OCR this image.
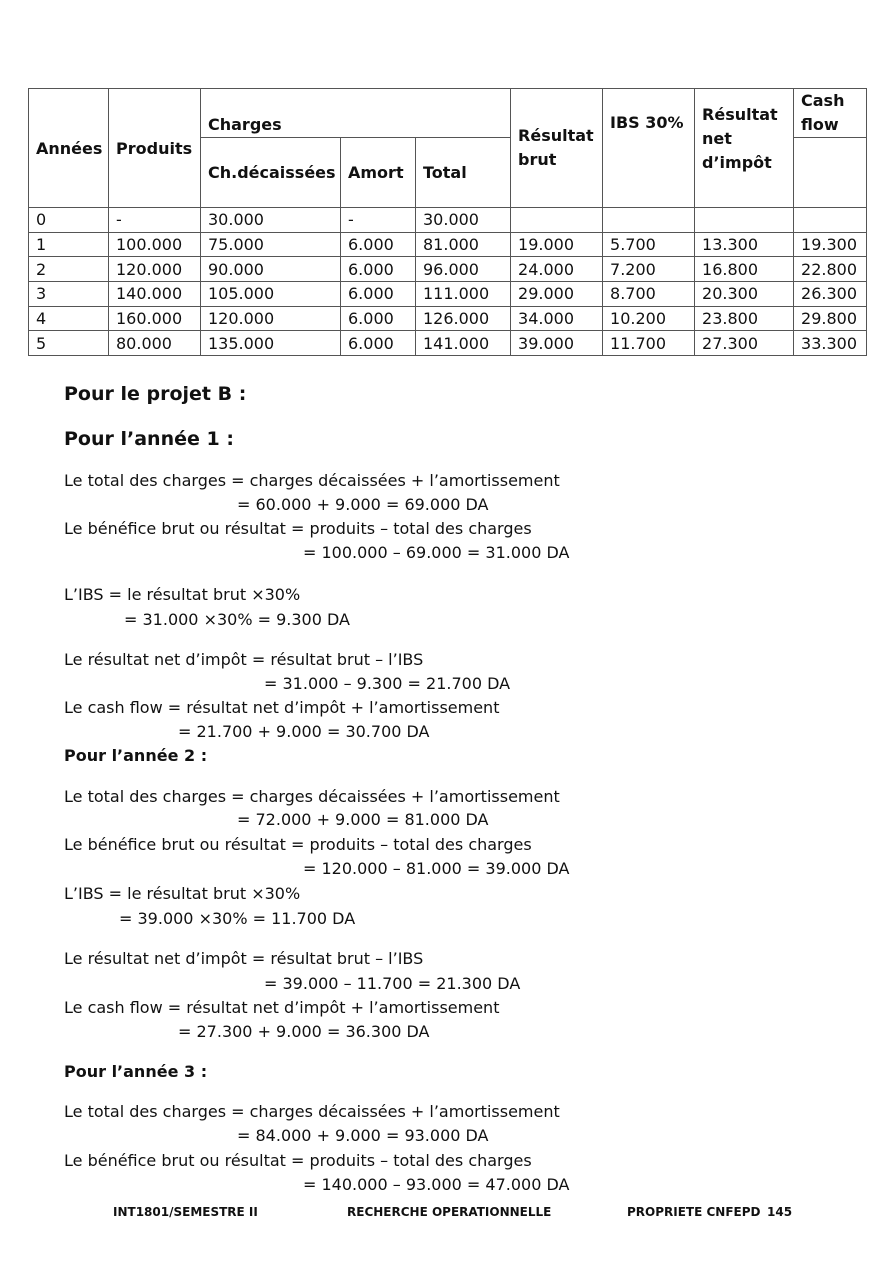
Années	Produits	Charges			Résultat brut	IBS 30%	Résultat net d’impôt	Cash flow
		Ch.décaissées	Amort	Total				
0	-	30.000	-	30.000				
1	100.000	75.000	6.000	81.000	19.000	5.700	13.300	19.300
2	120.000	90.000	6.000	96.000	24.000	7.200	16.800	22.800
3	140.000	105.000	6.000	111.000	29.000	8.700	20.300	26.300
4	160.000	120.000	6.000	126.000	34.000	10.200	23.800	29.800
5	80.000	135.000	6.000	141.000	39.000	11.700	27.300	33.300
Pour le projet B :
Pour l’année 1 :
Le total des charges = charges décaissées + l’amortissement
= 60.000 + 9.000 = 69.000 DA
Le bénéfice brut ou résultat = produits – total des charges
= 100.000 – 69.000 = 31.000 DA
L’IBS = le résultat brut ×30%
= 31.000 ×30% = 9.300 DA
Le résultat net d’impôt = résultat brut – l’IBS
= 31.000 – 9.300 = 21.700 DA
Le cash flow = résultat net d’impôt + l’amortissement
= 21.700 + 9.000 = 30.700 DA
Pour l’année 2 :
Le total des charges = charges décaissées + l’amortissement
= 72.000 + 9.000 = 81.000 DA
Le bénéfice brut ou résultat = produits – total des charges
= 120.000 – 81.000 = 39.000 DA
L’IBS = le résultat brut ×30%
= 39.000 ×30% = 11.700 DA
Le résultat net d’impôt = résultat brut – l’IBS
= 39.000 – 11.700 = 21.300 DA
Le cash flow = résultat net d’impôt + l’amortissement
= 27.300 + 9.000 = 36.300 DA
Pour l’année 3 :
Le total des charges = charges décaissées + l’amortissement
= 84.000 + 9.000 = 93.000 DA
Le bénéfice brut ou résultat = produits – total des charges
= 140.000 – 93.000 = 47.000 DA
INT1801/SEMESTRE II	RECHERCHE OPERATIONNELLE	PROPRIETE CNFEPD 145
